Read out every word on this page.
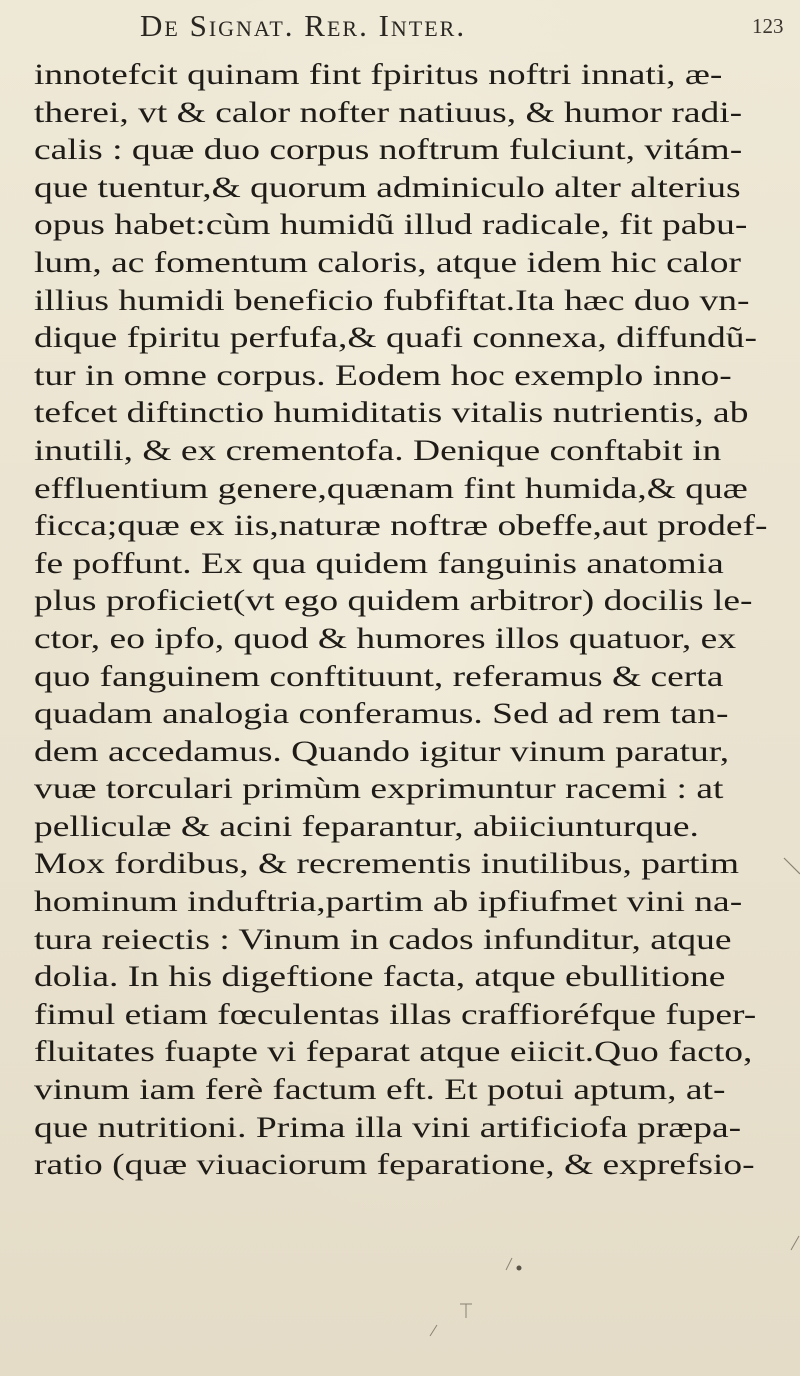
De Signat. Rer. Inter.	123
innotefcit quinam fint fpiritus noftri innati, æ-
therei, vt & calor nofter natiuus, & humor radi-
calis : quæ duo corpus noftrum fulciunt, vitám-
que tuentur,& quorum adminiculo alter alterius
opus habet:cùm humidũ illud radicale, fit pabu-
lum, ac fomentum caloris, atque idem hic calor
illius humidi beneficio fubfiftat.Ita hæc duo vn-
dique fpiritu perfufa,& quafi connexa, diffundũ-
tur in omne corpus. Eodem hoc exemplo inno-
tefcet diftinctio humiditatis vitalis nutrientis, ab
inutili, & ex crementofa. Denique conftabit in
effluentium genere,quænam fint humida,& quæ
ficca;quæ ex iis,naturæ noftræ obeffe,aut prodef-
fe poffunt. Ex qua quidem fanguinis anatomia
plus proficiet(vt ego quidem arbitror) docilis le-
ctor, eo ipfo, quod & humores illos quatuor, ex
quo fanguinem conftituunt, referamus & certa
quadam analogia conferamus. Sed ad rem tan-
dem accedamus. Quando igitur vinum paratur,
vuæ torculari primùm exprimuntur racemi : at
pelliculæ & acini feparantur, abiiciunturque.
Mox fordibus, & recrementis inutilibus, partim
hominum induftria,partim ab ipfiufmet vini na-
tura reiectis : Vinum in cados infunditur, atque
dolia. In his digeftione facta, atque ebullitione
fimul etiam fœculentas illas craffioréfque fuper-
fluitates fuapte vi feparat atque eiicit.Quo facto,
vinum iam ferè factum eft. Et potui aptum, at-
que nutritioni. Prima illa vini artificiofa præpa-
ratio (quæ viuaciorum feparatione, & exprefsio-
